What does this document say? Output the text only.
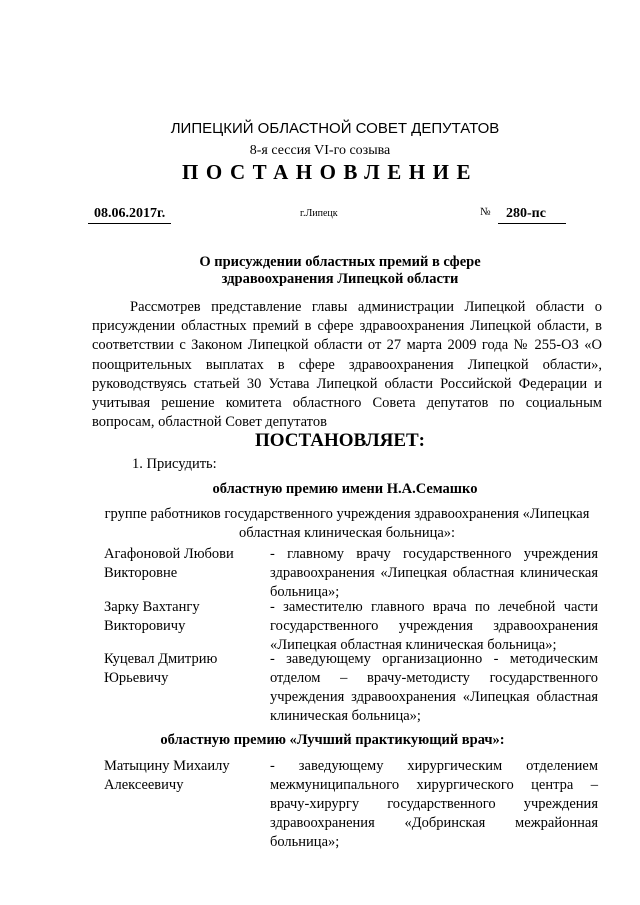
ЛИПЕЦКИЙ ОБЛАСТНОЙ СОВЕТ ДЕПУТАТОВ
8-я сессия VI-го созыва
ПОСТАНОВЛЕНИЕ
08.06.2017г.	г.Липецк	№	280-пс
О присуждении областных премий в сфере
здравоохранения Липецкой области
Рассмотрев представление главы администрации Липецкой области о присуждении областных премий в сфере здравоохранения Липецкой области, в соответствии с Законом Липецкой области от 27 марта 2009 года № 255-ОЗ «О поощрительных выплатах в сфере здравоохранения Липецкой области», руководствуясь статьей 30 Устава Липецкой области Российской Федерации и учитывая решение комитета областного Совета депутатов по социальным вопросам, областной Совет депутатов
ПОСТАНОВЛЯЕТ:
1. Присудить:
областную премию имени Н.А.Семашко
группе работников государственного учреждения здравоохранения «Липецкая
областная клиническая больница»:
Агафоновой Любови
Викторовне
- главному врачу государственного учреждения здравоохранения «Липецкая областная клиническая больница»;
Зарку Вахтангу
Викторовичу
- заместителю главного врача по лечебной части государственного учреждения здравоохранения «Липецкая областная клиническая больница»;
Куцевал Дмитрию
Юрьевичу
- заведующему организационно - методическим отделом – врачу-методисту государственного учреждения здравоохранения «Липецкая областная клиническая больница»;
областную премию «Лучший практикующий врач»:
Матыцину Михаилу
Алексеевичу
- заведующему хирургическим отделением межмуниципального хирургического центра – врачу-хирургу государственного учреждения здравоохранения «Добринская межрайонная больница»;
